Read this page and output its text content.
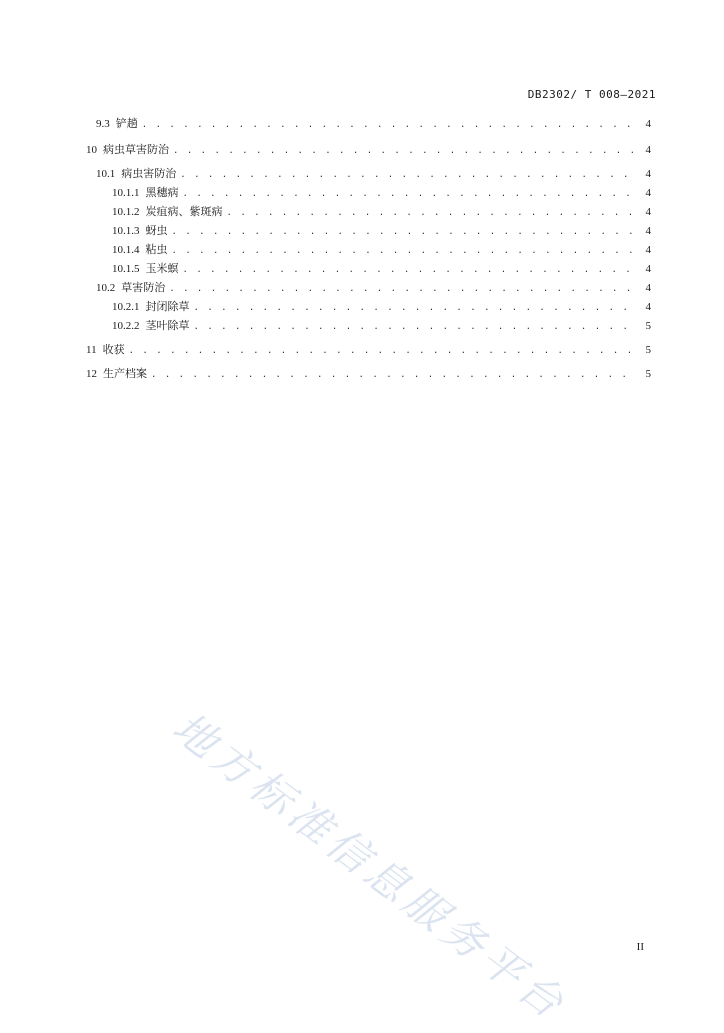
DB2302/ T 008—2021
9.3 铲趟 . . .	4
10 病虫草害防治 . . .	4
10.1 病虫害防治 . . .	4
10.1.1 黑穗病 . . .	4
10.1.2 炭疽病、紫斑病 . . .	4
10.1.3 蚜虫 . . .	4
10.1.4 粘虫 . . .	4
10.1.5 玉米螟 . . .	4
10.2 草害防治 . . .	4
10.2.1 封闭除草 . . .	4
10.2.2 茎叶除草 . . .	5
11 收获 . . .	5
12 生产档案 . . .	5
地方标准信息服务平台	II
